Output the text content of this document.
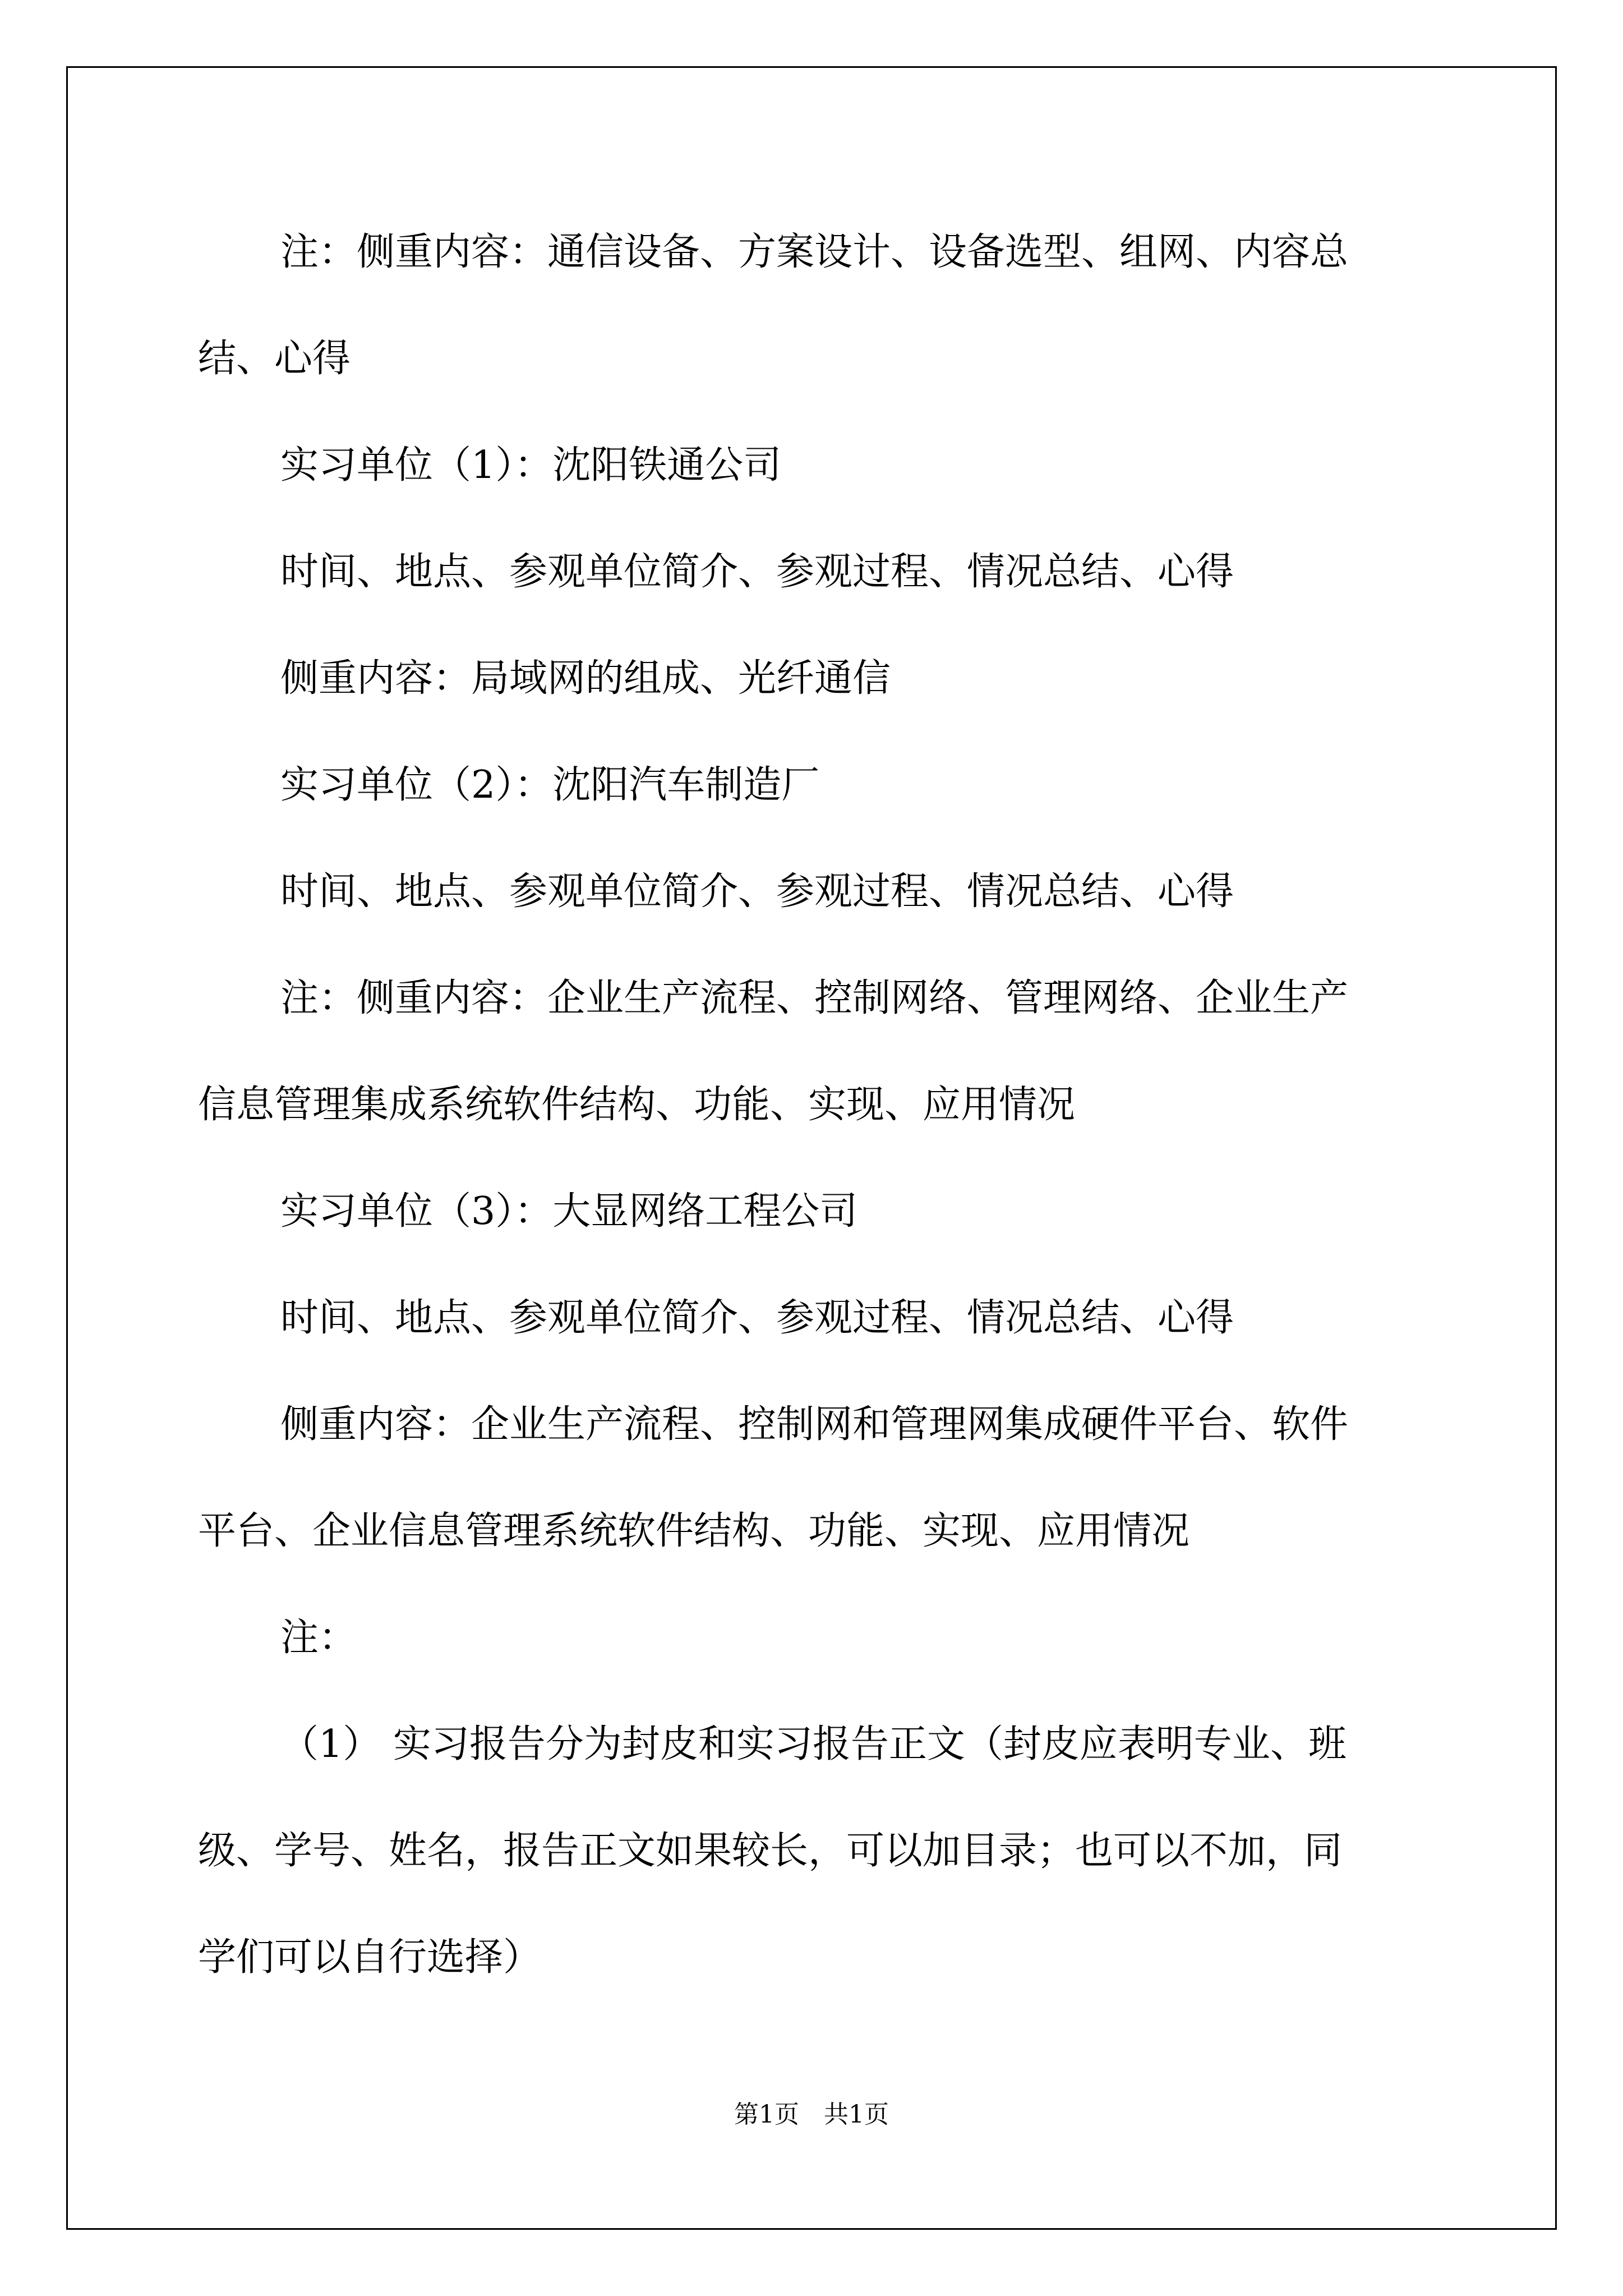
注：侧重内容：通信设备、方案设计、设备选型、组网、内容总
结、心得
实习单位（1）：沈阳铁通公司
时间、地点、参观单位简介、参观过程、情况总结、心得
侧重内容：局域网的组成、光纤通信
实习单位（2）：沈阳汽车制造厂
时间、地点、参观单位简介、参观过程、情况总结、心得
注：侧重内容：企业生产流程、控制网络、管理网络、企业生产
信息管理集成系统软件结构、功能、实现、应用情况
实习单位（3）：大显网络工程公司
时间、地点、参观单位简介、参观过程、情况总结、心得
侧重内容：企业生产流程、控制网和管理网集成硬件平台、软件
平台、企业信息管理系统软件结构、功能、实现、应用情况
注：
（1） 实习报告分为封皮和实习报告正文（封皮应表明专业、班
级、学号、姓名，报告正文如果较长，可以加目录；也可以不加，同
学们可以自行选择）
第1页　共1页
